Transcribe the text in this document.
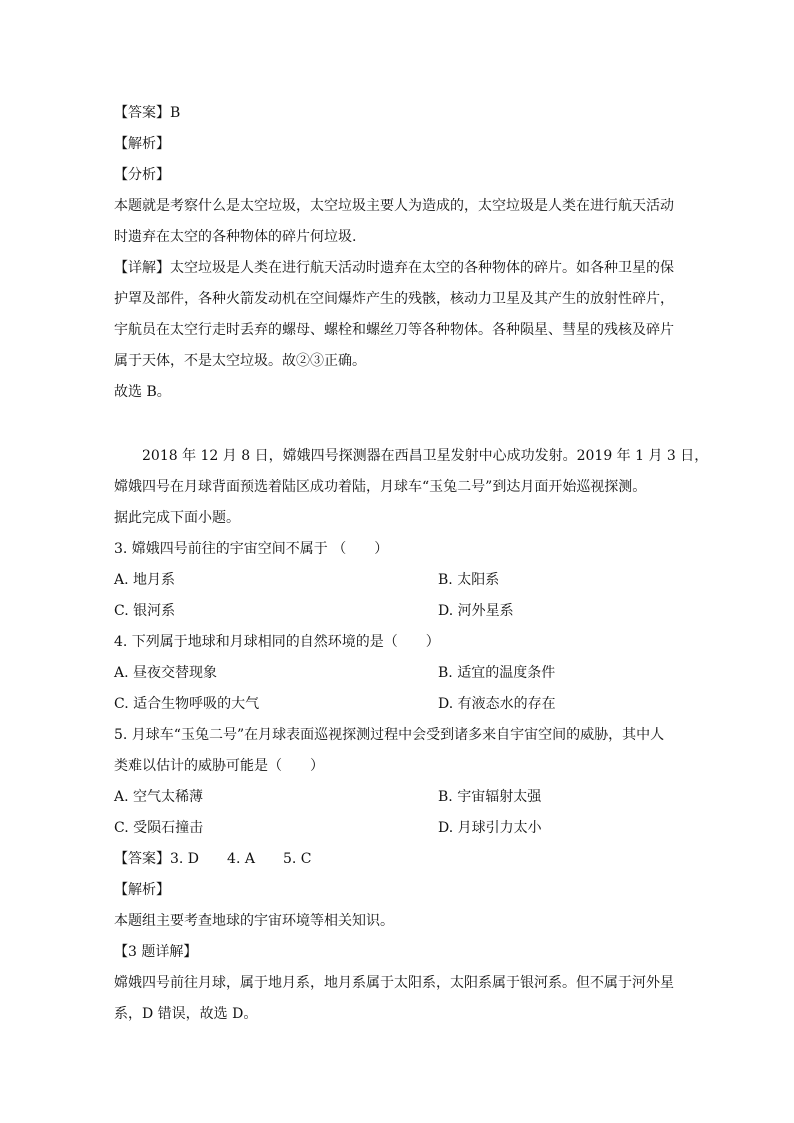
【答案】B
【解析】
【分析】
本题就是考察什么是太空垃圾，太空垃圾主要人为造成的，太空垃圾是人类在进行航天活动
时遗弃在太空的各种物体的碎片何垃圾.
【详解】太空垃圾是人类在进行航天活动时遗弃在太空的各种物体的碎片。如各种卫星的保
护罩及部件，各种火箭发动机在空间爆炸产生的残骸，核动力卫星及其产生的放射性碎片，
宇航员在太空行走时丢弃的螺母、螺栓和螺丝刀等各种物体。各种陨星、彗星的残核及碎片
属于天体，不是太空垃圾。故②③正确。
故选 B。
2018 年 12 月 8 日，嫦娥四号探测器在西昌卫星发射中心成功发射。2019 年 1 月 3 日，
嫦娥四号在月球背面预选着陆区成功着陆，月球车“玉兔二号”到达月面开始巡视探测。
据此完成下面小题。
3. 嫦娥四号前往的宇宙空间不属于 （　　）
A. 地月系	B. 太阳系
C. 银河系	D. 河外星系
4. 下列属于地球和月球相同的自然环境的是（　　）
A. 昼夜交替现象	B. 适宜的温度条件
C. 适合生物呼吸的大气	D. 有液态水的存在
5. 月球车“玉兔二号”在月球表面巡视探测过程中会受到诸多来自宇宙空间的威胁，其中人
类难以估计的威胁可能是（　　）
A. 空气太稀薄	B. 宇宙辐射太强
C. 受陨石撞击	D. 月球引力太小
【答案】3. D　　4. A　　5. C
【解析】
本题组主要考查地球的宇宙环境等相关知识。
【3 题详解】
嫦娥四号前往月球，属于地月系，地月系属于太阳系，太阳系属于银河系。但不属于河外星
系，D 错误，故选 D。
